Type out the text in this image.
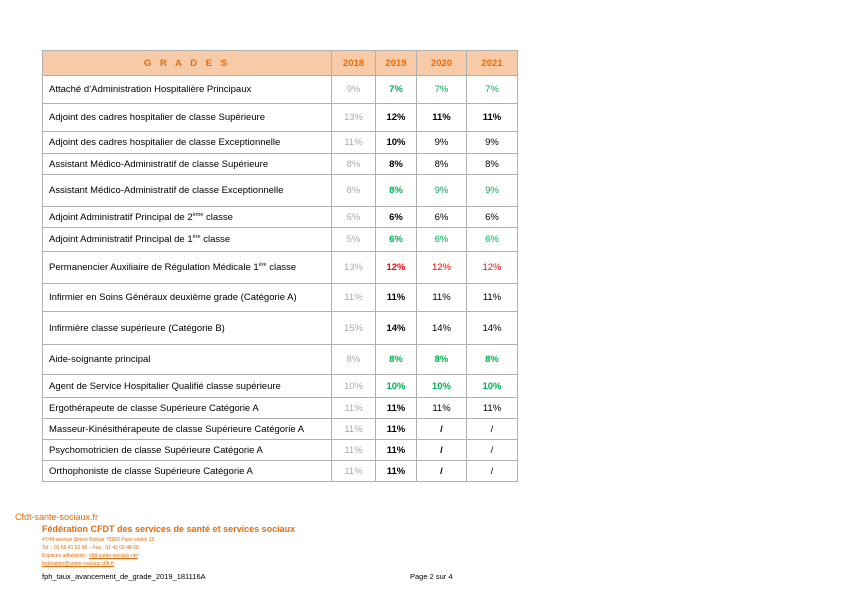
G R A D E S	2018	2019	2020	2021
Attaché d’Administration Hospitalière Principaux	9%	7%	7%	7%
Adjoint des cadres hospitalier de classe Supérieure	13%	12%	11%	11%
Adjoint des cadres hospitalier de classe Exceptionnelle	11%	10%	9%	9%
Assistant Médico-Administratif de classe Supérieure	8%	8%	8%	8%
Assistant Médico-Administratif de classe Exceptionnelle	8%	8%	9%	9%
Adjoint Administratif Principal de 2ème classe	6%	6%	6%	6%
Adjoint Administratif Principal de 1ère classe	5%	6%	6%	6%
Permanencier Auxiliaire de Régulation Médicale 1ère classe	13%	12%	12%	12%
Infirmier en Soins Généraux deuxième grade (Catégorie A)	11%	11%	11%	11%
Infirmière classe supérieure (Catégorie B)	15%	14%	14%	14%
Aide-soignante principal	8%	8%	8%	8%
Agent de Service Hospitalier Qualifié classe supérieure	10%	10%	10%	10%
Ergothérapeute de classe Supérieure Catégorie A	11%	11%	11%	11%
Masseur-Kinésithérapeute de classe Supérieure Catégorie A	11%	11%	/	/
Psychomotricien de classe Supérieure Catégorie A	11%	11%	/	/
Orthophoniste de classe Supérieure Catégorie A	11%	11%	/	/
Cfdt-sante-sociaux.fr
Fédération CFDT des services de santé et services sociaux
47/49 avenue Simon Bolivar 75950 Paris cedex 19
Tel. : 01 56 41 52 00 – Fax : 01 42 02 48 08
Espaces adhérents : cfdt-sante-sociaux.net
federation@sante-sociaux.cfdt.fr
fph_taux_avancement_de_grade_2019_181116A	Page 2 sur 4
